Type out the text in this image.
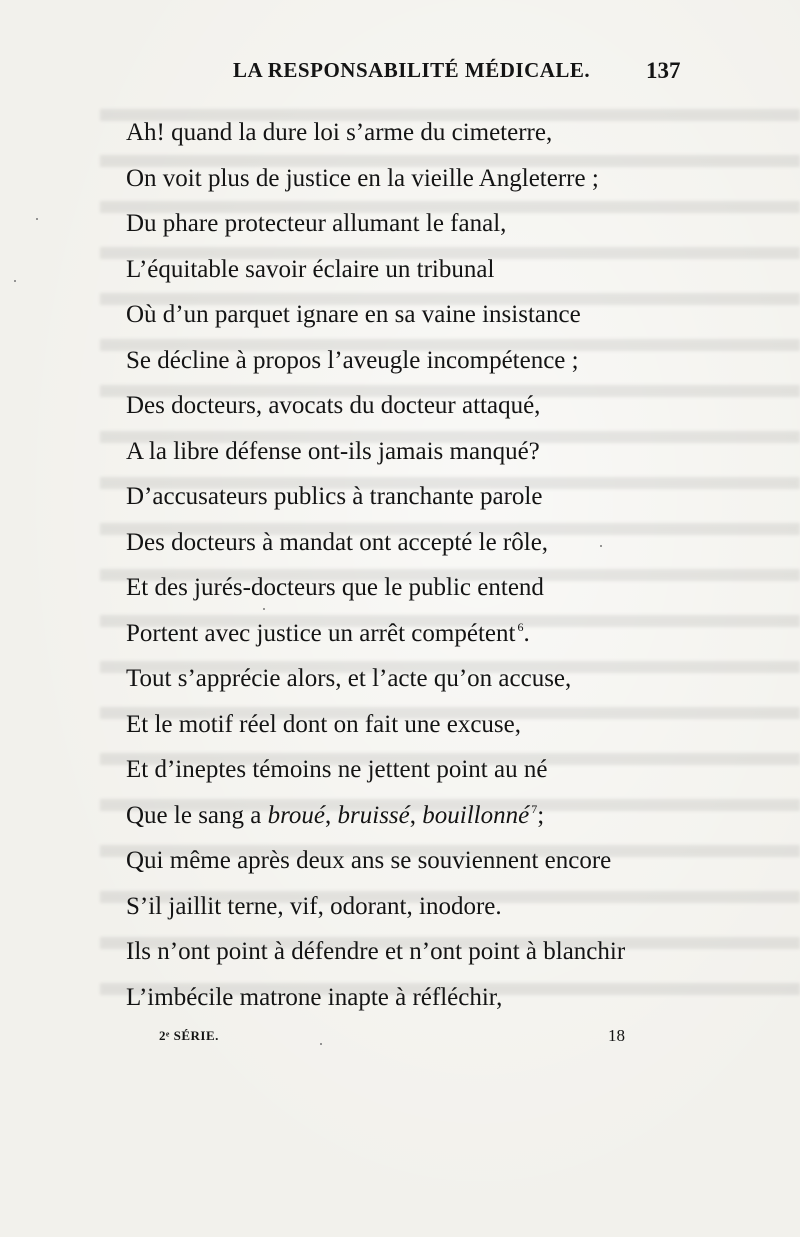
LA RESPONSABILITÉ MÉDICALE. 137
Ah! quand la dure loi s’arme du cimeterre,
On voit plus de justice en la vieille Angleterre ;
Du phare protecteur allumant le fanal,
L’équitable savoir éclaire un tribunal
Où d’un parquet ignare en sa vaine insistance
Se décline à propos l’aveugle incompétence ;
Des docteurs, avocats du docteur attaqué,
A la libre défense ont-ils jamais manqué?
D’accusateurs publics à tranchante parole
Des docteurs à mandat ont accepté le rôle,
Et des jurés-docteurs que le public entend
Portent avec justice un arrêt compétent $^6$.
Tout s’apprécie alors, et l’acte qu’on accuse,
Et le motif réel dont on fait une excuse,
Et d’ineptes témoins ne jettent point au né
Que le sang a broué, bruissé, bouillonné $^7$;
Qui même après deux ans se souviennent encore
S’il jaillit terne, vif, odorant, inodore.
Ils n’ont point à défendre et n’ont point à blanchir
L’imbécile matrone inapte à réfléchir,
2ᵉ SÉRIE.	18
